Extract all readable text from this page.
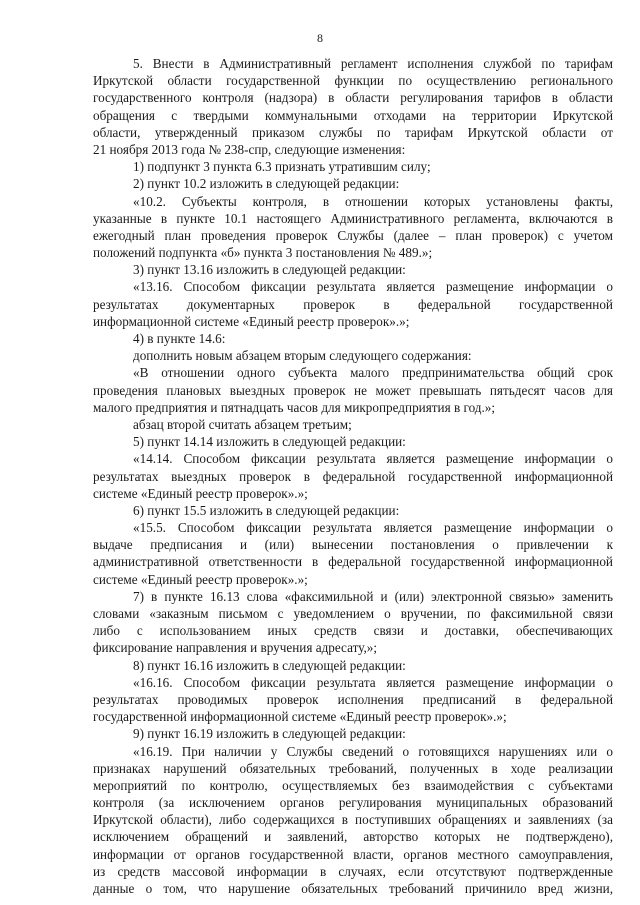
8
5. Внести в Административный регламент исполнения службой по тарифам
Иркутской области государственной функции по осуществлению регионального
государственного контроля (надзора) в области регулирования тарифов в области
обращения с твердыми коммунальными отходами на территории Иркутской
области, утвержденный приказом службы по тарифам Иркутской области от
21 ноября 2013 года № 238-спр, следующие изменения:
1) подпункт 3 пункта 6.3 признать утратившим силу;
2) пункт 10.2 изложить в следующей редакции:
«10.2. Субъекты контроля, в отношении которых установлены факты,
указанные в пункте 10.1 настоящего Административного регламента, включаются в
ежегодный план проведения проверок Службы (далее – план проверок) с учетом
положений подпункта «б» пункта 3 постановления № 489.»;
3) пункт 13.16 изложить в следующей редакции:
«13.16. Способом фиксации результата является размещение информации о
результатах документарных проверок в федеральной государственной
информационной системе «Единый реестр проверок».»;
4) в пункте 14.6:
дополнить новым абзацем вторым следующего содержания:
«В отношении одного субъекта малого предпринимательства общий срок
проведения плановых выездных проверок не может превышать пятьдесят часов для
малого предприятия и пятнадцать часов для микропредприятия в год.»;
абзац второй считать абзацем третьим;
5) пункт 14.14 изложить в следующей редакции:
«14.14. Способом фиксации результата является размещение информации о
результатах выездных проверок в федеральной государственной информационной
системе «Единый реестр проверок».»;
6) пункт 15.5 изложить в следующей редакции:
«15.5. Способом фиксации результата является размещение информации о
выдаче предписания и (или) вынесении постановления о привлечении к
административной ответственности в федеральной государственной информационной
системе «Единый реестр проверок».»;
7) в пункте 16.13 слова «факсимильной и (или) электронной связью» заменить
словами «заказным письмом с уведомлением о вручении, по факсимильной связи
либо с использованием иных средств связи и доставки, обеспечивающих
фиксирование направления и вручения адресату,»;
8) пункт 16.16 изложить в следующей редакции:
«16.16. Способом фиксации результата является размещение информации о
результатах проводимых проверок исполнения предписаний в федеральной
государственной информационной системе «Единый реестр проверок».»;
9) пункт 16.19 изложить в следующей редакции:
«16.19. При наличии у Службы сведений о готовящихся нарушениях или о
признаках нарушений обязательных требований, полученных в ходе реализации
мероприятий по контролю, осуществляемых без взаимодействия с субъектами
контроля (за исключением органов регулирования муниципальных образований
Иркутской области), либо содержащихся в поступивших обращениях и заявлениях (за
исключением обращений и заявлений, авторство которых не подтверждено),
информации от органов государственной власти, органов местного самоуправления,
из средств массовой информации в случаях, если отсутствуют подтвержденные
данные о том, что нарушение обязательных требований причинило вред жизни,
